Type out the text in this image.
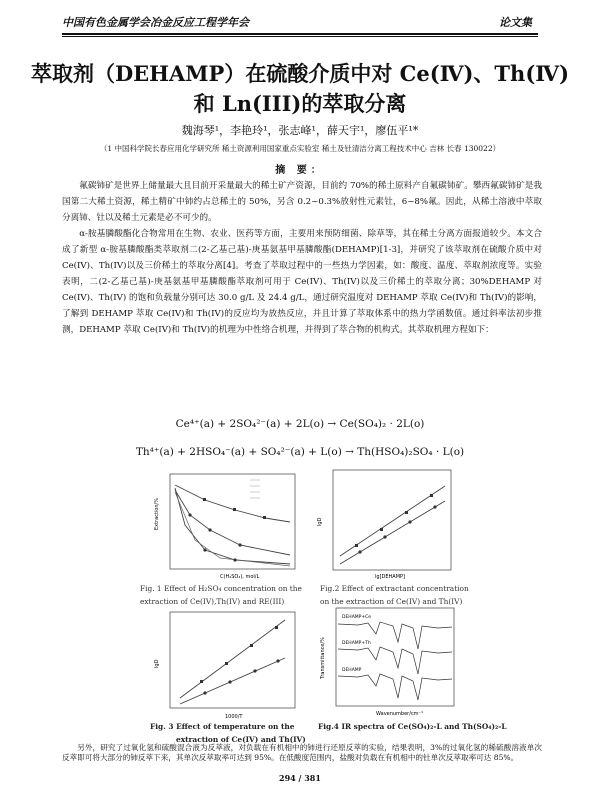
中国有色金属学会冶金反应工程学年会	论文集
萃取剂（DEHAMP）在硫酸介质中对 Ce(Ⅳ)、Th(Ⅳ)
和 Ln(III)的萃取分离
魏海琴¹，李艳玲¹，张志峰¹，薛天宇¹，廖伍平¹*
（1 中国科学院长春应用化学研究所 稀土资源利用国家重点实验室 稀土及钍清洁分离工程技术中心 吉林 长春 130022）
摘 要：

氟碳铈矿是世界上储量最大且目前开采量最大的稀土矿产资源，目前约 70%的稀土原料产自氟碳铈矿。攀西氟碳铈矿是我国第二大稀土资源，稀土精矿中铈约占总稀土的 50%，另含 0.2~0.3%放射性元素钍，6~8%氟。因此，从稀土溶液中萃取分离铈、钍以及稀土元素是必不可少的。

α-胺基膦酸酯化合物常用在生物、农业、医药等方面，主要用来预防细菌、除草等，其在稀土分离方面报道较少。本文合成了新型 α-胺基膦酸酯类萃取剂二(2-乙基己基)-庚基氨基甲基膦酸酯(DEHAMP)[1-3]，并研究了该萃取剂在硫酸介质中对 Ce(IV)、Th(IV)以及三价稀土的萃取分离[4]。考查了萃取过程中的一些热力学因素，如：酸度、温度、萃取剂浓度等。实验表明，二(2-乙基己基)-庚基氨基甲基膦酸酯萃取剂可用于 Ce(IV)、Th(IV)以及三价稀土的萃取分离；30%DEHAMP 对 Ce(IV)、Th(IV) 的饱和负载量分别可达 30.0 g/L 及 24.4 g/L，通过研究温度对 DEHAMP 萃取 Ce(IV)和 Th(IV)的影响，了解到 DEHAMP 萃取 Ce(IV)和 Th(IV)的反应均为放热反应，并且计算了萃取体系中的热力学函数值。通过斜率法初步推测，DEHAMP 萃取 Ce(IV)和 Th(IV)的机理为中性络合机理，并得到了萃合物的机构式。其萃取机理方程如下：

Ce⁴⁺(a) + 2SO₄²⁻(a) + 2L(o) → Ce(SO₄)₂ · 2L(o)
Th⁴⁺(a) + 2HSO₄⁻(a) + SO₄²⁻(a) + L(o) → Th(HSO₄)₂SO₄ · L(o)
Extraction/%
C(H₂SO₄), mol/L
Fig. 1 Effect of H₂SO₄ concentration on the
extraction of Ce(IV),Th(IV) and RE(III)
lgD
lg[DEHAMP]
Fig.2 Effect of extractant concentration
on the extraction of Ce(IV) and Th(IV)
lgD
1000/T
Fig. 3 Effect of temperature on the
extraction of Ce(IV) and Th(IV)
DEHAMP+Ce
DEHAMP+Th
DEHAMP
Transmittance/%
Wavenumber/cm⁻¹
Fig.4 IR spectra of Ce(SO₄)₂-L and Th(SO₄)₂-L

另外，研究了过氧化氢和硫酸混合液为反萃液，对负载在有机相中的铈进行还原反萃的实验，结果表明，3%的过氧化氢的稀硫酸溶液单次反萃即可将大部分的铈反萃下来，其单次反萃取率可达到 95%。在低酸度范围内，盐酸对负载在有机相中的钍单次反萃取率可达 85%。

294 / 381
